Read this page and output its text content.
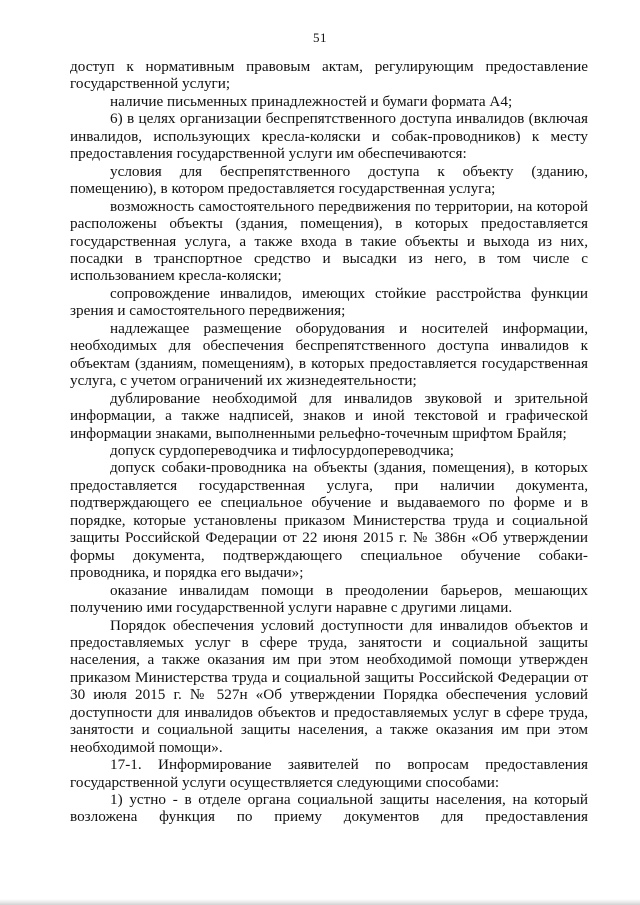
51

доступ к нормативным правовым актам, регулирующим предоставление государственной услуги;

наличие письменных принадлежностей и бумаги формата А4;

6) в целях организации беспрепятственного доступа инвалидов (включая инвалидов, использующих кресла-коляски и собак-проводников) к месту предоставления государственной услуги им обеспечиваются:

условия для беспрепятственного доступа к объекту (зданию, помещению), в котором предоставляется государственная услуга;

возможность самостоятельного передвижения по территории, на которой расположены объекты (здания, помещения), в которых предоставляется государственная услуга, а также входа в такие объекты и выхода из них, посадки в транспортное средство и высадки из него, в том числе с использованием кресла-коляски;

сопровождение инвалидов, имеющих стойкие расстройства функции зрения и самостоятельного передвижения;

надлежащее размещение оборудования и носителей информации, необходимых для обеспечения беспрепятственного доступа инвалидов к объектам (зданиям, помещениям), в которых предоставляется государственная услуга, с учетом ограничений их жизнедеятельности;

дублирование необходимой для инвалидов звуковой и зрительной информации, а также надписей, знаков и иной текстовой и графической информации знаками, выполненными рельефно-точечным шрифтом Брайля;

допуск сурдопереводчика и тифлосурдопереводчика;

допуск собаки-проводника на объекты (здания, помещения), в которых предоставляется государственная услуга, при наличии документа, подтверждающего ее специальное обучение и выдаваемого по форме и в порядке, которые установлены приказом Министерства труда и социальной защиты Российской Федерации от 22 июня 2015 г. № 386н «Об утверждении формы документа, подтверждающего специальное обучение собаки-проводника, и порядка его выдачи»;

оказание инвалидам помощи в преодолении барьеров, мешающих получению ими государственной услуги наравне с другими лицами.

Порядок обеспечения условий доступности для инвалидов объектов и предоставляемых услуг в сфере труда, занятости и социальной защиты населения, а также оказания им при этом необходимой помощи утвержден приказом Министерства труда и социальной защиты Российской Федерации от 30 июля 2015 г. № 527н «Об утверждении Порядка обеспечения условий доступности для инвалидов объектов и предоставляемых услуг в сфере труда, занятости и социальной защиты населения, а также оказания им при этом необходимой помощи».

17-1. Информирование заявителей по вопросам предоставления государственной услуги осуществляется следующими способами:

1) устно - в отделе органа социальной защиты населения, на который возложена функция по приему документов для предоставления
